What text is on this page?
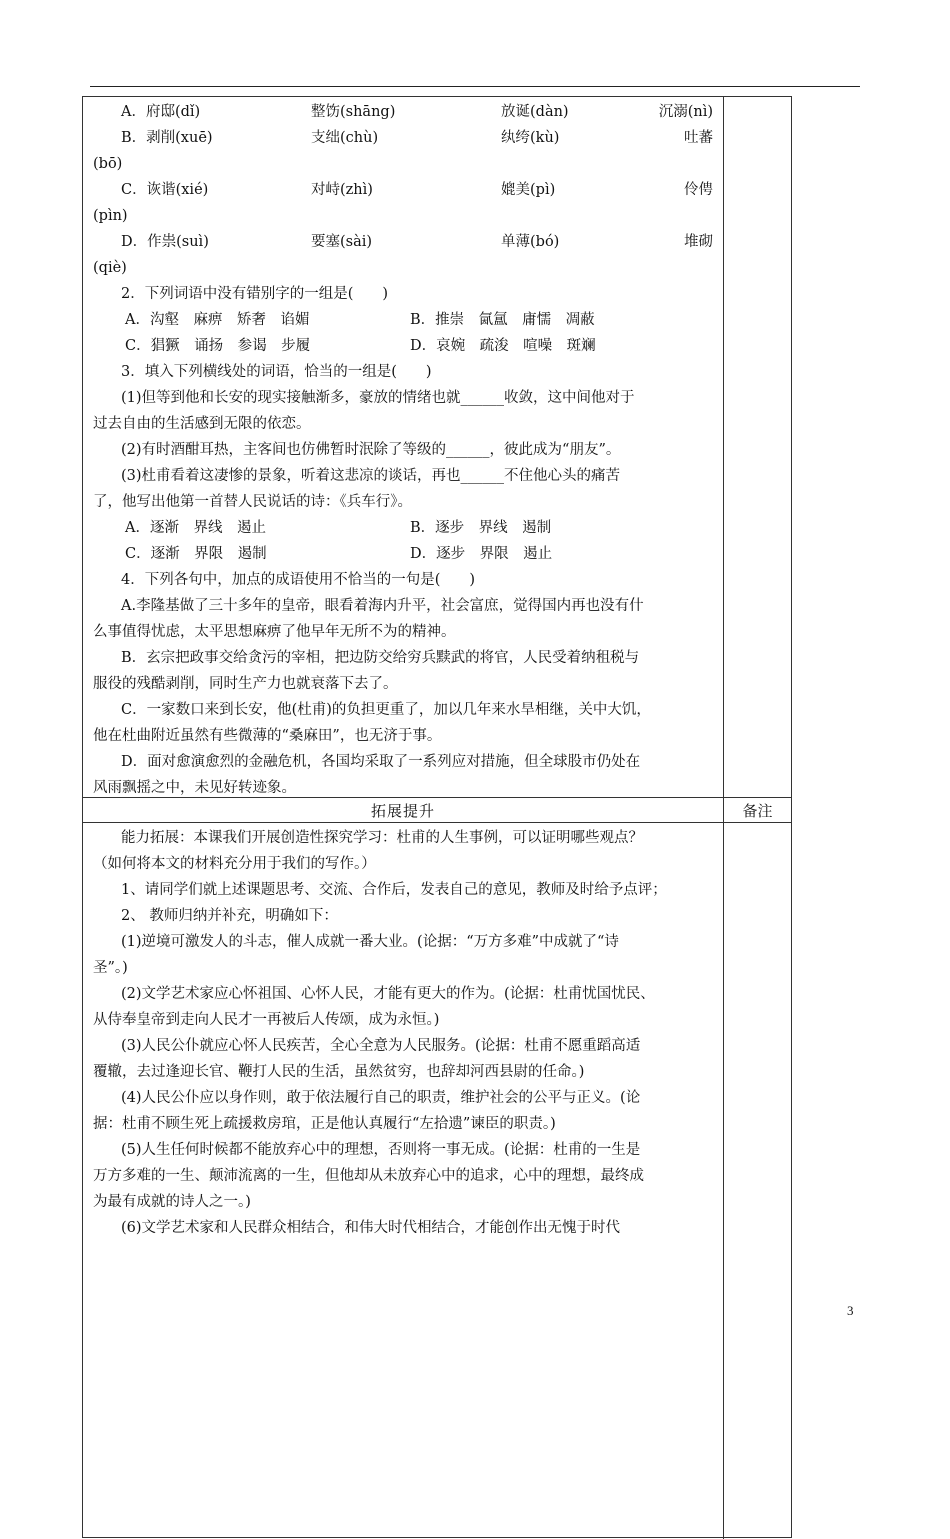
A．府邸(dǐ)	整饬(shāng)	放诞(dàn)	沉溺(nì)
B．剥削(xuē)	支绌(chù)	纨绔(kù)	吐蕃
(bō)
C．诙谐(xié)	对峙(zhì)	媲美(pì)	伶俜
(pìn)
D．作祟(suì)	要塞(sài)	单薄(bó)	堆砌
(qiè)
2．下列词语中没有错别字的一组是(　　)
A．沟壑　麻痹　矫奢　谄媚	B．推崇　氤氲　庸懦　凋蔽
C．猖獗　诵扬　参谒　步履	D．哀婉　疏浚　喧噪　斑斓
3．填入下列横线处的词语，恰当的一组是(　　)
(1)但等到他和长安的现实接触渐多，豪放的情绪也就______收敛，这中间他对于
过去自由的生活感到无限的依恋。
(2)有时酒酣耳热，主客间也仿佛暂时泯除了等级的______，彼此成为“朋友”。
(3)杜甫看着这凄惨的景象，听着这悲凉的谈话，再也______不住他心头的痛苦
了，他写出他第一首替人民说话的诗：《兵车行》。
A．逐渐　界线　遏止	B．逐步　界线　遏制
C．逐渐　界限　遏制	D．逐步　界限　遏止
4．下列各句中，加点的成语使用不恰当的一句是(　　)
A.李隆基做了三十多年的皇帝，眼看着海内升平，社会富庶，觉得国内再也没有什
么事值得忧虑，太平思想麻痹了他早年无所不为的精神。
B．玄宗把政事交给贪污的宰相，把边防交给穷兵黩武的将官，人民受着纳租税与
服役的残酷剥削，同时生产力也就衰落下去了。
C．一家数口来到长安，他(杜甫)的负担更重了，加以几年来水旱相继，关中大饥，
他在杜曲附近虽然有些微薄的“桑麻田”，也无济于事。
D．面对愈演愈烈的金融危机，各国均采取了一系列应对措施，但全球股市仍处在
风雨飘摇之中，未见好转迹象。
拓展提升	备注
能力拓展：本课我们开展创造性探究学习：杜甫的人生事例，可以证明哪些观点？
（如何将本文的材料充分用于我们的写作。）
1、请同学们就上述课题思考、交流、合作后，发表自己的意见，教师及时给予点评；
2、 教师归纳并补充，明确如下：
(1)逆境可激发人的斗志，催人成就一番大业。(论据：“万方多难”中成就了“诗
圣”。)
(2)文学艺术家应心怀祖国、心怀人民，才能有更大的作为。(论据：杜甫忧国忧民、
从侍奉皇帝到走向人民才一再被后人传颂，成为永恒。)
(3)人民公仆就应心怀人民疾苦，全心全意为人民服务。(论据：杜甫不愿重蹈高适
覆辙，去过逢迎长官、鞭打人民的生活，虽然贫穷，也辞却河西县尉的任命。)
(4)人民公仆应以身作则，敢于依法履行自己的职责，维护社会的公平与正义。(论
据：杜甫不顾生死上疏援救房琯，正是他认真履行“左拾遗”谏臣的职责。)
(5)人生任何时候都不能放弃心中的理想，否则将一事无成。(论据：杜甫的一生是
万方多难的一生、颠沛流离的一生，但他却从未放弃心中的追求，心中的理想，最终成
为最有成就的诗人之一。)
(6)文学艺术家和人民群众相结合，和伟大时代相结合，才能创作出无愧于时代
3
